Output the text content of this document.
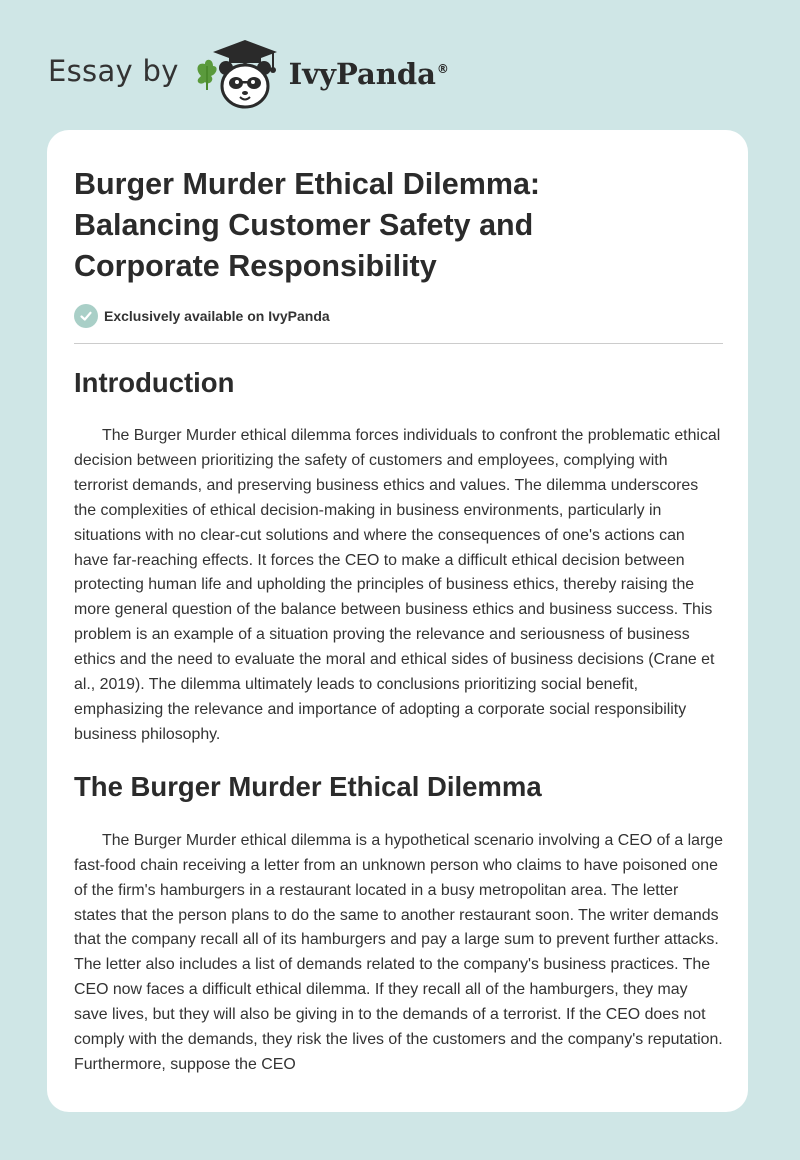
Essay by	IvyPanda®
Burger Murder Ethical Dilemma: Balancing Customer Safety and Corporate Responsibility
Exclusively available on IvyPanda
Introduction

The Burger Murder ethical dilemma forces individuals to confront the problematic ethical decision between prioritizing the safety of customers and employees, complying with terrorist demands, and preserving business ethics and values. The dilemma underscores the complexities of ethical decision-making in business environments, particularly in situations with no clear-cut solutions and where the consequences of one's actions can have far-reaching effects. It forces the CEO to make a difficult ethical decision between protecting human life and upholding the principles of business ethics, thereby raising the more general question of the balance between business ethics and business success. This problem is an example of a situation proving the relevance and seriousness of business ethics and the need to evaluate the moral and ethical sides of business decisions (Crane et al., 2019). The dilemma ultimately leads to conclusions prioritizing social benefit, emphasizing the relevance and importance of adopting a corporate social responsibility business philosophy.

The Burger Murder Ethical Dilemma

The Burger Murder ethical dilemma is a hypothetical scenario involving a CEO of a large fast-food chain receiving a letter from an unknown person who claims to have poisoned one of the firm's hamburgers in a restaurant located in a busy metropolitan area. The letter states that the person plans to do the same to another restaurant soon. The writer demands that the company recall all of its hamburgers and pay a large sum to prevent further attacks. The letter also includes a list of demands related to the company's business practices. The CEO now faces a difficult ethical dilemma. If they recall all of the hamburgers, they may save lives, but they will also be giving in to the demands of a terrorist. If the CEO does not comply with the demands, they risk the lives of the customers and the company's reputation. Furthermore, suppose the CEO
